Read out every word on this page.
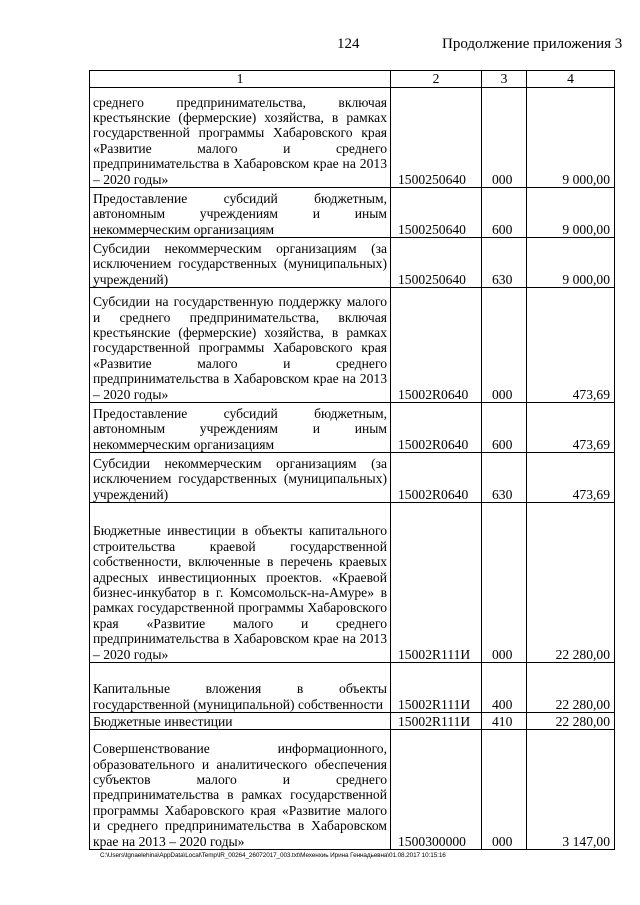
124	Продолжение приложения 3
1	2	3	4
среднего предпринимательства, включая крестьянские (фермерские) хозяйства, в рамках государственной программы Хабаровского края «Развитие малого и среднего предпринимательства в Хабаровском крае на 2013 – 2020 годы»	1500250640	000	9 000,00
Предоставление субсидий бюджетным, автономным учреждениям и иным некоммерческим организациям	1500250640	600	9 000,00
Субсидии некоммерческим организациям (за исключением государственных (муниципальных) учреждений)	1500250640	630	9 000,00
Субсидии на государственную поддержку малого и среднего предпринимательства, включая крестьянские (фермерские) хозяйства, в рамках государственной программы Хабаровского края «Развитие малого и среднего предпринимательства в Хабаровском крае на 2013 – 2020 годы»	15002R0640	000	473,69
Предоставление субсидий бюджетным, автономным учреждениям и иным некоммерческим организациям	15002R0640	600	473,69
Субсидии некоммерческим организациям (за исключением государственных (муниципальных) учреждений)	15002R0640	630	473,69
Бюджетные инвестиции в объекты капитального строительства краевой государственной собственности, включенные в перечень краевых адресных инвестиционных проектов. «Краевой бизнес-инкубатор в г. Комсомольск-на-Амуре» в рамках государственной программы Хабаровского края «Развитие малого и среднего предпринимательства в Хабаровском крае на 2013 – 2020 годы»	15002R111И	000	22 280,00
Капитальные вложения в объекты государственной (муниципальной) собственности	15002R111И	400	22 280,00
Бюджетные инвестиции	15002R111И	410	22 280,00
Совершенствование информационного, образовательного и аналитического обеспечения субъектов малого и среднего предпринимательства в рамках государственной программы Хабаровского края «Развитие малого и среднего предпринимательства в Хабаровском крае на 2013 – 2020 годы»	1500300000	000	3 147,00
C:\Users\tgnaelehina\AppData\Local\Temp\IR_00264_26072017_003.txt\Мехенхиь Ирина Геннадьевна\01.08.2017 10:15:16
